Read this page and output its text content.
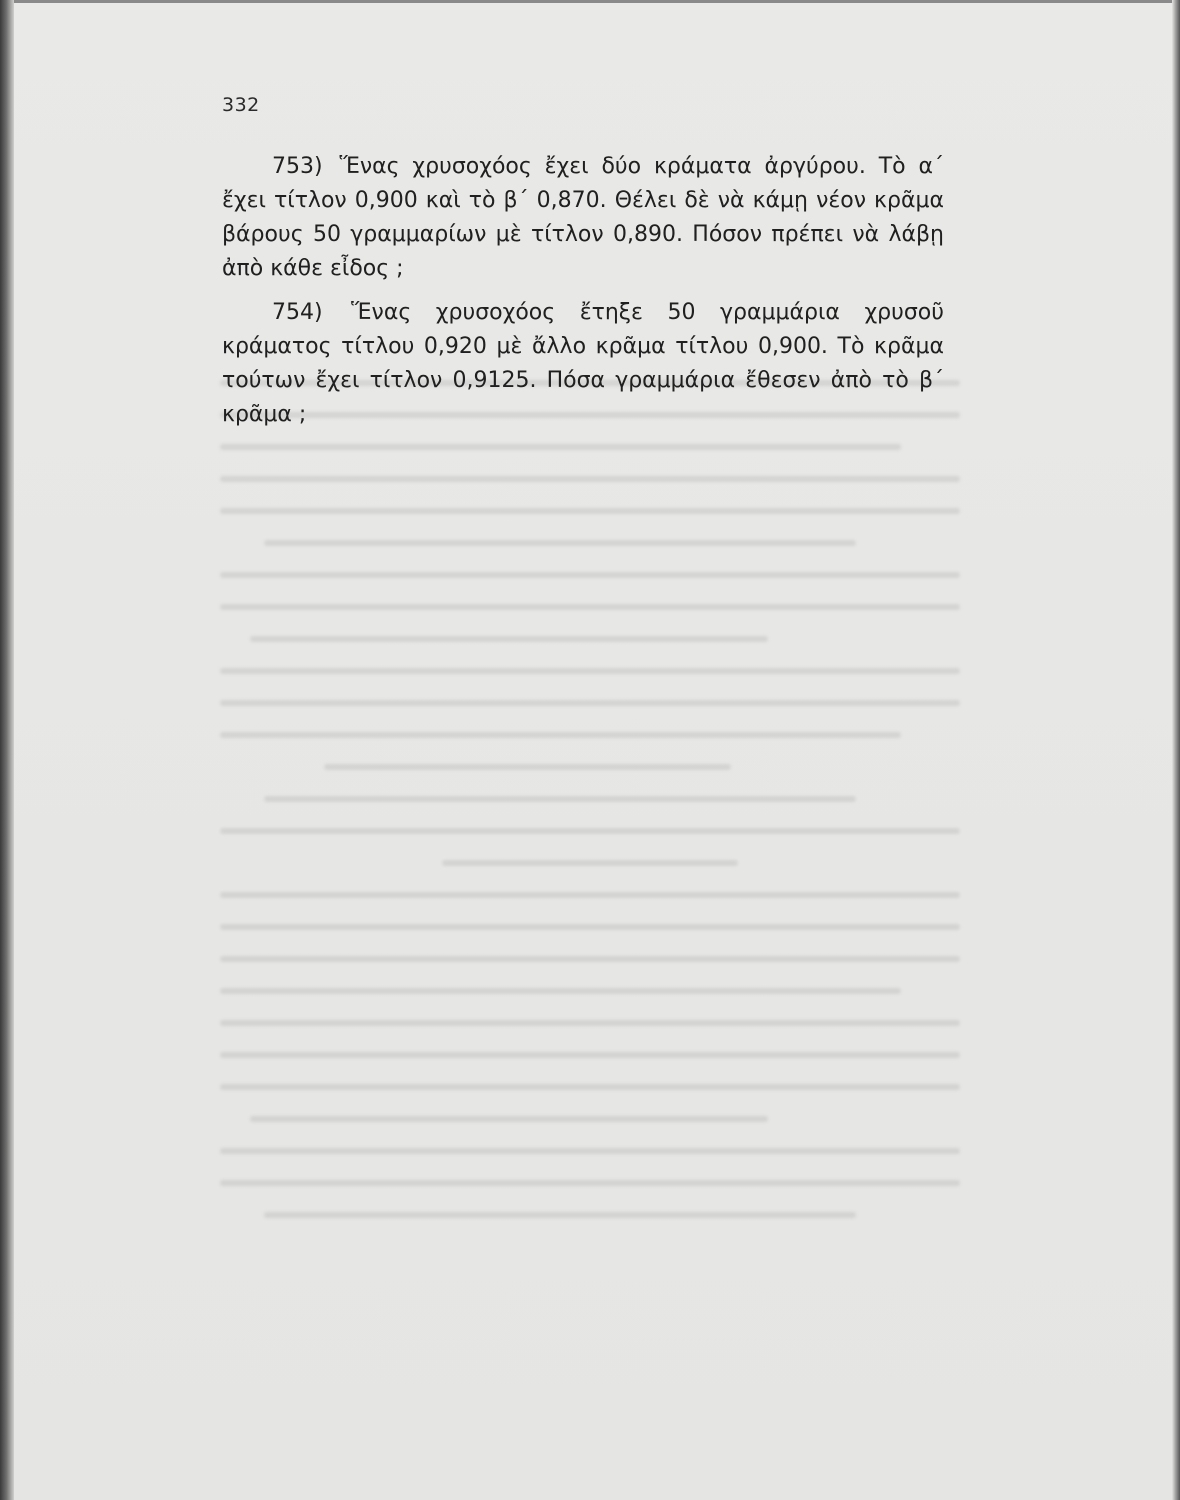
332

753) Ἕνας χρυσοχόος ἔχει δύο κράματα ἀργύρου. Τὸ α΄ ἔχει τίτλον 0,900 καὶ τὸ β΄ 0,870. Θέλει δὲ νὰ κάμῃ νέον κρᾶμα βάρους 50 γραμμαρίων μὲ τίτλον 0,890. Πόσον πρέπει νὰ λάβῃ ἀπὸ κάθε εἶδος ;

754) Ἕνας χρυσοχόος ἔτηξε 50 γραμμάρια χρυσοῦ κράματος τίτλου 0,920 μὲ ἄλλο κρᾶμα τίτλου 0,900. Τὸ κρᾶμα τούτων ἔχει τίτλον 0,9125. Πόσα γραμμάρια ἔθεσεν ἀπὸ τὸ β΄ κρᾶμα ;
